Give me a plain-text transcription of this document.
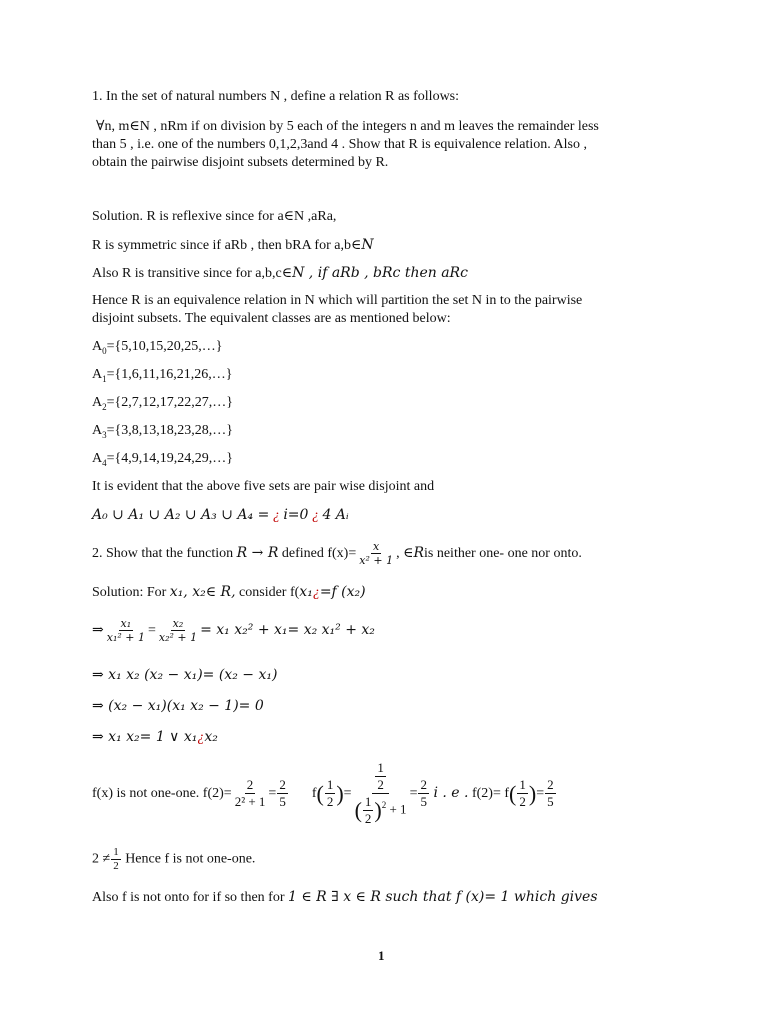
1. In the set of natural numbers N , define a relation R as follows:
∀n, m∈N , nRm if on division by 5 each of the integers n and m leaves the remainder less
than 5 , i.e. one of the numbers 0,1,2,3and 4 . Show that R is equivalence relation. Also ,
obtain the pairwise disjoint subsets determined by R.
Solution. R is reflexive since for a∈N ,aRa,
R is symmetric since if aRb , then bRA for a,b∈N
Also R is transitive since for a,b,c∈N , if aRb , bRc then aRc
Hence R is an equivalence relation in N which will partition the set N in to the pairwise
disjoint subsets. The equivalent classes are as mentioned below:
$A_0=\{5,10,15,20,25,\dots\}$
$A_1=\{1,6,11,16,21,26,\dots\}$
$A_2=\{2,7,12,17,22,27,\dots\}$
$A_3=\{3,8,13,18,23,28,\dots\}$
$A_4=\{4,9,14,19,24,29,\dots\}$
It is evident that the above five sets are pair wise disjoint and
A₀ ∪ A₁ ∪ A₂ ∪ A₃ ∪ A₄ = ¿ i=0 ¿ 4 Aᵢ
2. Show that the function R → R defined $f(x)= \frac{x}{\text{x² + 1}}$ , ∈Ris neither one- one nor onto.
Solution: For x₁, x₂∈ R, consider f(x₁¿=f (x₂)
⇒ $\frac{\text{x₁}}{\text{x₁² + 1}} = \frac{\text{x₂}}{\text{x₂² + 1}} = x_1$ x₂² + x₁= x₂ x₁² + x₂
⇒ x₁ x₂ (x₂ − x₁)= (x₂ − x₁)
⇒ (x₂ − x₁)(x₁ x₂ − 1)= 0
⇒ x₁ x₂= 1 ∨ x₁¿x₂
f(x) is not one-one. $f(2)= \frac{2}{\text{2² + 1}} = \frac{2}{5} f( \frac{1}{2}$ )= $\frac{\frac{1}{2}}{( \frac{1}{2} )^2 + 1} = \frac{2}{5}$ i . e . $f(2)= f( \frac{1}{2}$ )= $\frac{2}{5}$
$2 \ne \frac{1}{2}$ Hence f is not one-one.
Also f is not onto for if so then for 1 ∈ R ∃ x ∈ R such that f (x)= 1 which gives
1
